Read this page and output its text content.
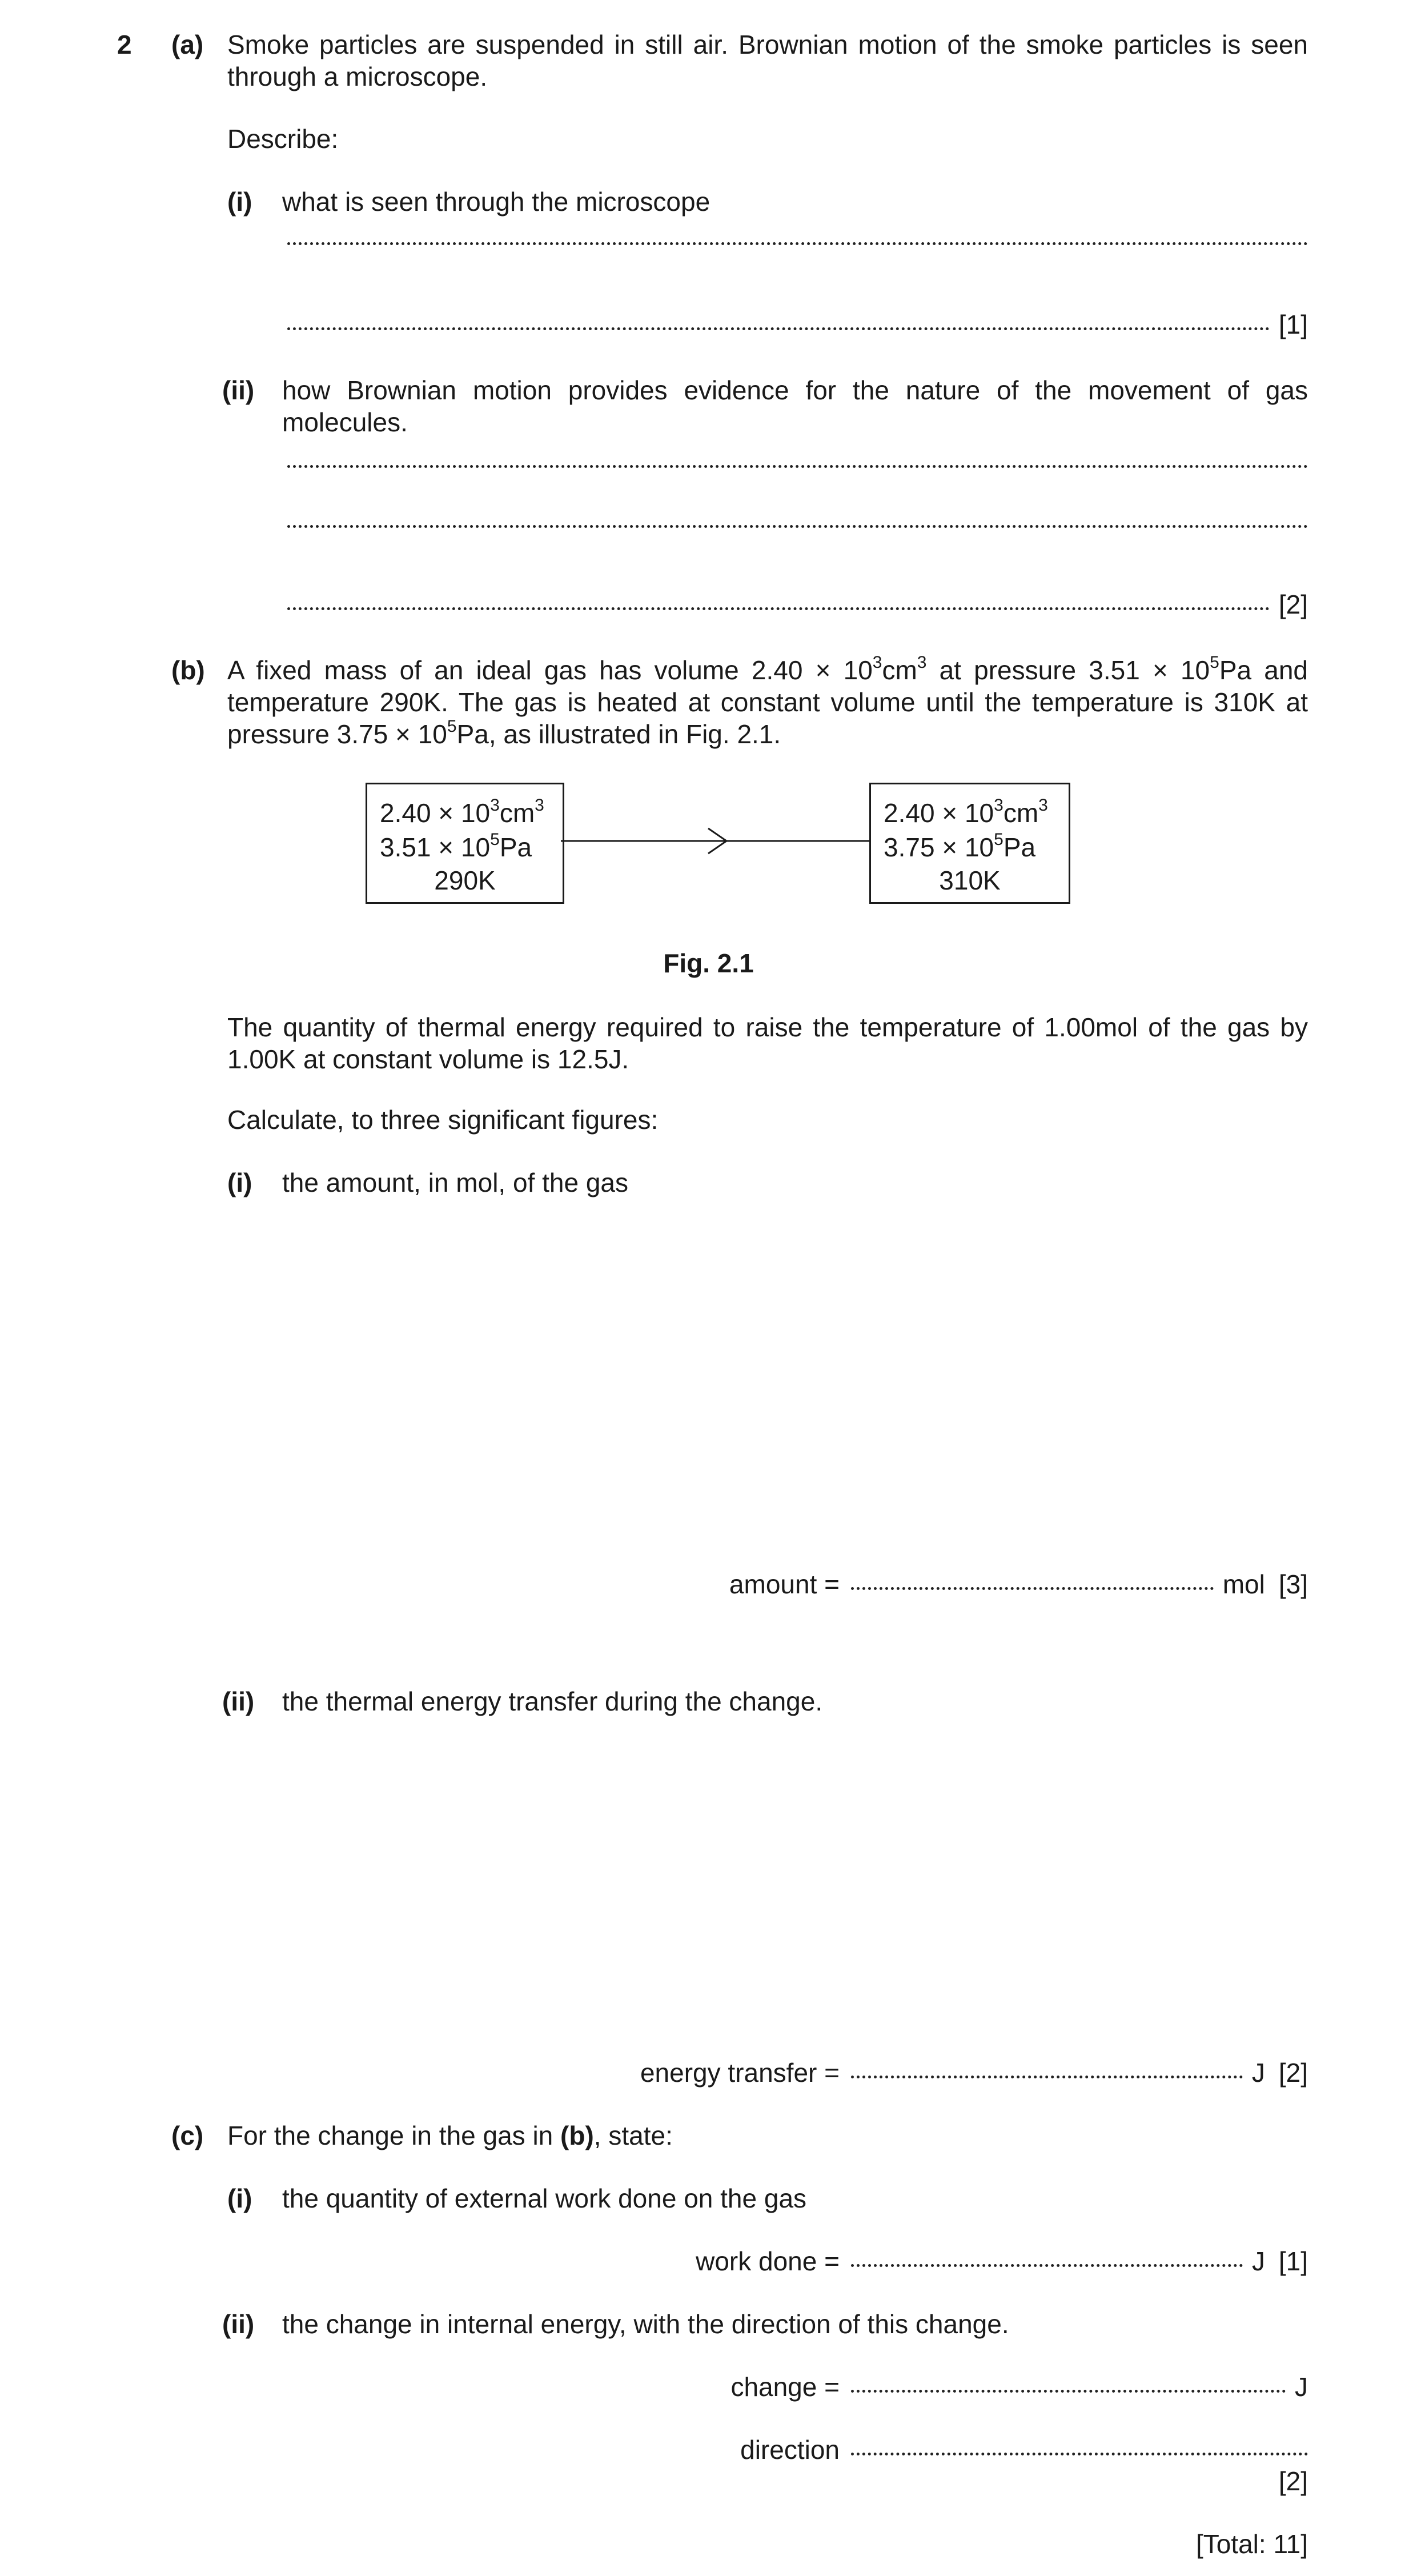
2 (a) Smoke particles are suspended in still air. Brownian motion of the smoke particles is seen through a microscope.
Describe:
(i) what is seen through the microscope
[1]
(ii) how Brownian motion provides evidence for the nature of the movement of gas molecules.
[2]
(b) A fixed mass of an ideal gas has volume $2.40 \times 10^3cm^3$ at pressure $3.51 \times 10^5Pa$ and temperature 290K. The gas is heated at constant volume until the temperature is 310K at pressure $3.75 \times 10^5Pa$, as illustrated in Fig. 2.1.
$2.40 \times 10^3cm^3$
$3.51 \times 10^5Pa$
290K
$2.40 \times 10^3cm^3$
$3.75 \times 10^5Pa$
310K
Fig. 2.1
The quantity of thermal energy required to raise the temperature of 1.00mol of the gas by 1.00K at constant volume is 12.5J.
Calculate, to three significant figures:
(i) the amount, in mol, of the gas
amount =	mol [3]
(ii) the thermal energy transfer during the change.
energy transfer =	J [2]
(c) For the change in the gas in (b), state:
(i) the quantity of external work done on the gas
work done =	J [1]
(ii) the change in internal energy, with the direction of this change.
change =	J
direction
[2]
[Total: 11]
